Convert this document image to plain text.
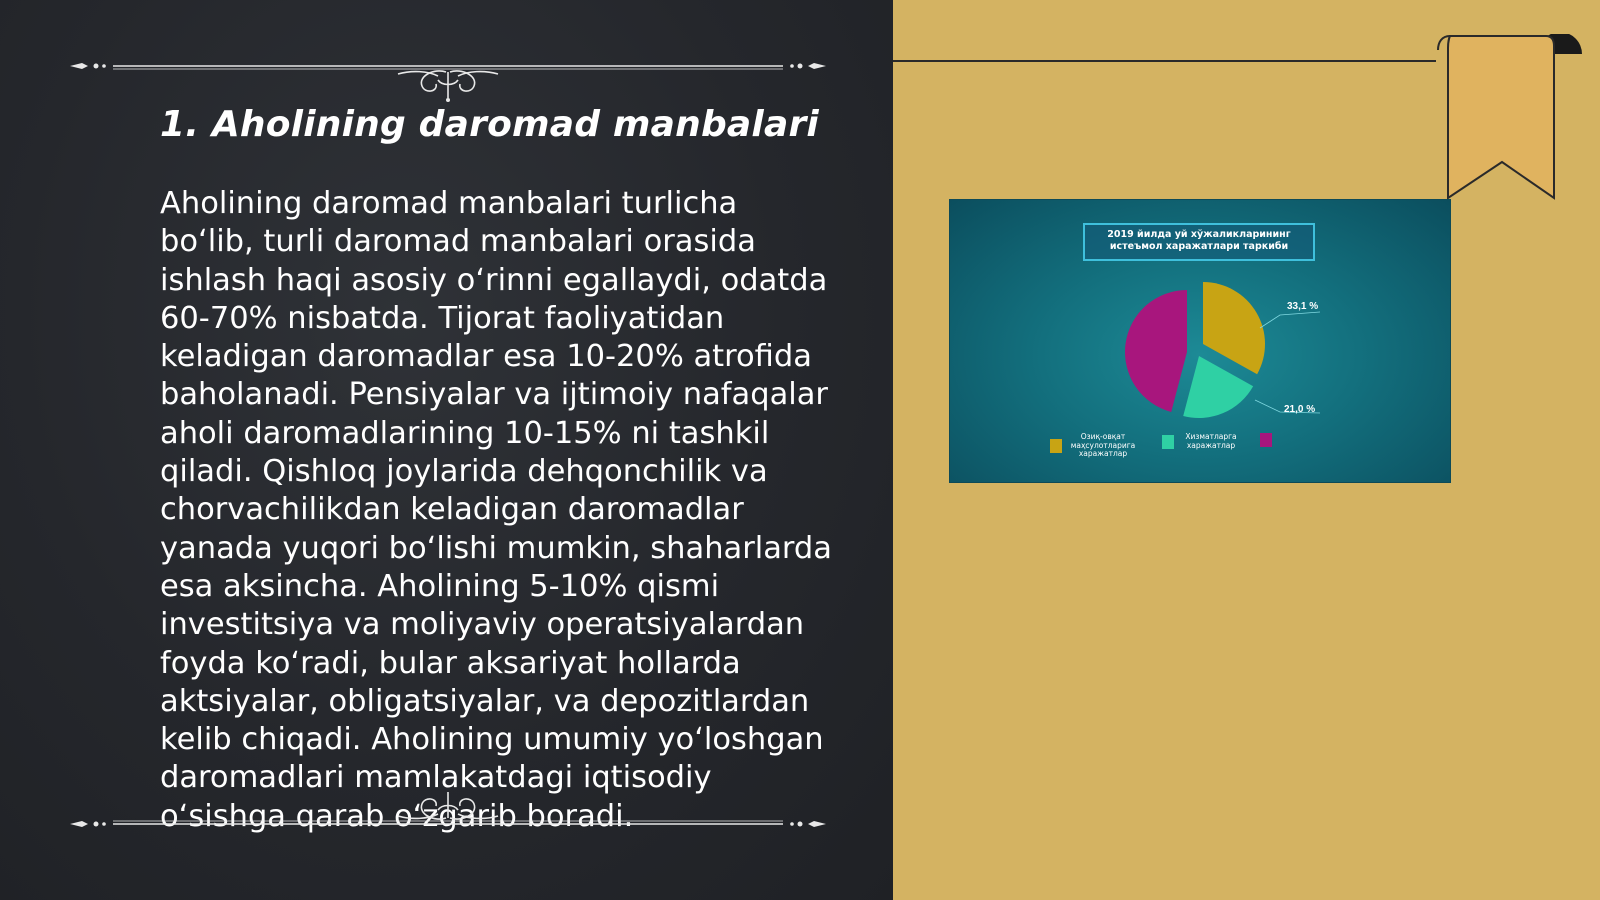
1. Aholining daromad manbalari

Aholining daromad manbalari turlicha bo‘lib, turli daromad manbalari orasida ishlash haqi asosiy o‘rinni egallaydi, odatda 60-70% nisbatda. Tijorat faoliyatidan keladigan daromadlar esa 10-20% atrofida baholanadi. Pensiyalar va ijtimoiy nafaqalar aholi daromadlarining 10-15% ni tashkil qiladi. Qishloq joylarida dehqonchilik va chorvachilikdan keladigan daromadlar yanada yuqori bo‘lishi mumkin, shaharlarda esa aksincha. Aholining 5-10% qismi investitsiya va moliyaviy operatsiyalardan foyda ko‘radi, bular aksariyat hollarda aktsiyalar, obligatsiyalar, va depozitlardan kelib chiqadi. Aholining umumiy yo‘loshgan daromadlari mamlakatdagi iqtisodiy o‘sishga qarab o‘zgarib boradi.

2019 йилда уй хўжаликларининг истеъмол харажатлари таркиби
33,1 %
21,0 %
Озиқ-овқат маҳсулотларига харажатлар
Хизматларга харажатлар
